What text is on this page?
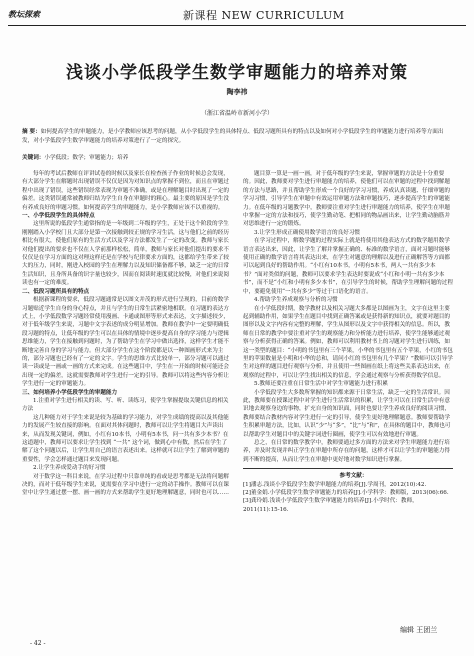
教坛探索	新课程 NEW CURRICULUM
浅谈小学低段学生数学审题能力的培养对策
陶李祎
（浙江省温岭市新河小学）
摘 要：如何提高学生的审题能力，是小学教师应该思考的问题，从小学低段学生的具体特点、低段习题所具有的特点以及如何对小学低段学生的审题能力进行培养等方面出发，对小学低段学生数学审题能力的培养对策进行了一定的探究。
关键词：小学低段；数学；审题能力；培养

每年的考试后教师在评讲试卷的时候以及家长在检查孩子作业的时候总会发现，有大部分学生在解题时出现错误不仅仅是因为对知识点的掌握不到位，而且在审题过程中出现了错误，这些错误经常表现为审题不准确，或是在理解题目时出现了一定的偏差。这类错误通常被教师归结为学生自身在审题时的粗心。最主要的原因是学生没有养成良好的审题习惯。如何提高学生的审题能力，是小学教师应该不以重视的。

一、小学低段学生的具体特点

这里所说的低段学生通常指的是一年级到二年级的学生，正处于这个阶段的学生刚刚踏入小学校门且大部分是第一次接触到较正规的学习生活，这与他们之前的经历相比有很大，使他们原有的生活方式以及学习方法都发生了一定的改变。教师与家长对他们提出的要求也不仅在人学前那样松松，简单，教师与家长对他们提出的要求不仅仅是在学习方面的这对理这样还是在学校与纪律要求方面的，这都给学生带来了较大的压力，同时，刚进入校园的学生在理解力以及知识储备都不够，缺乏一定的日常生活知识，且身所具备的识字量也较少，因而在阅读时速度就比较慢，对他们来说阅读也有一定的难度。

二、低段习题所具有的特点

根据新课程的要求，低段习题通常是以图文并茂的形式进行呈现的，目前的数学习题贴近学生自身的身心特点，并且与学生的日常生活紧密地相联。在习题的表达方式上，小学低段数学习题经常使用漫画、卡通或图形等形式来表达，文字描述较少，对于低年级学生来说，习题中文字表述的成分明显增加。教师在教学中一定要明确低段习题的特点，让低年级的学生可以在具体的情境中逐步提高自身的学习能力与逻辑思维能力，学生在接触到问题时，为了帮助学生在学习中做出选择，这样学生才能不断地完善自身的学习与能力。但大部分学生在这个阶段都是以一种图画形式来为主的，部分习题也已经有了一定的文字。学生的思维方式比较单一，部分习题可以通过读一读或是一画或一画的方式来完成。在这些题目中，学生在一开始的时候可能还会出现一定的偏差，这就需要教师对学生进行一定的引导。教师可以将这些内容分析让学生进行一定的审题能力。

三、如何培养小学低段学生的审题能力

1.注重对学生进行相关的读、写、听、读练习，使学生掌握提取关键信息的相关方法

这几种能力对于学生来说是较为基础的学习能力，对学生成绩的提高以及其他能力的发展产生较直接的影响。在面对其体问题时，教师可以让学生将题目大声读出来，从而发现关键词，例如，小红有10本书，小明有5本书，问一共有多少本书？在这道题中，教师可以要求让学生找到 “一共” 这个词，做到心中有数，然后在学生了解了这个问题以后，让学生用自己的语言表述出来。这样就可以让学生了解到审题的重要性，学会怎样通过题目来发现问题。

2.让学生养成爱动手的好习惯

对于数学这一科目来说，在学习过程中只靠单纯的看或是思考都是无法将问题解决的，而对于低年级学生来说，更需要在学习中进行一定的动手操作。教师可以在课堂中让学生通过摆一摆、画一画的方式来帮助学生更好地理解题意，同时也可以……

题目算一算是一画一画，对于低年级的学生来说，掌握审题的方法是十分重要的。因此，教师要对学生进行审题能力的培养，使他们可以在审题的过程中找到解题的方法与思路，并且帮助学生形成一个良好的学习习惯，养成认真读题、仔细审题的学习习惯，引导学生在审题中有效运用审题方法和审题技巧，逐步提高学生的审题能力。在低年级的习题教学中，教师要注重对学生进行审题能力的培养，使学生在审题中掌握一定的方法和技巧，使学生勤动笔、把相同的物品画出来，让学生勤动脑筋并对思维进行一定的锻炼。

3.让学生形成正确使用数学语言的良好习惯

在学习过程中，解数学题的过程实际上就是将使用其他表达方式的数学题用数学语言表达出来，因此，让学生了解并掌握正确的、标准的数学语言，面对习题时能够使用正确的数学语言将其表达出来，在学生对题意的理解以及进行正确解答等方面都可以起到良好的帮助作用。“小红有10本书，小明有5本书，两人一共有多少本书？”面对类似的问题，教师可以要求学生表达时要说成“小红和小明一共有多少本书”，而不是“小红和小明有多少本书”，在引导学生的时候，帮助学生理解问题的过程中，要避免使用“一共有多少”等过于口语化的语言。

4.帮助学生养成观察与分析的习惯

在小学低段时期，数学教材以及相关习题大多都是以图画为主，文字在这里主要起到辅助作用，如果学生在题目中找到正确答案或是获得新的知识点，就要对题目的图形以及文字内容有完整的理解，学生从图形以及文字中获得相关的信息。所以，教师在日常的教学中要注重对学生的观察能力和分析能力进行培养，使学生能够通过观察与分析获得正确的答案。例如，教师可以利用教材书上的习题对学生进行训练，如这一类型的题目：“小明的书包里有三个苹果，小华的书包里有五个苹果，小红的书包里的苹果数量是小明和小华的总和，请问小红的书包里有几个苹果？”教师可以引导学生对这样的题目进行观察与分析，并且使用一些图画在纸上将这些关系表达出来，在观察的过程中，可以让学生找出相关的信息，学会通过观察与分析获得数学信息。

5.教师还要注重在日常生活中对学生审题能力进行积累

小学低段学生大多数所掌握的知识都来源于日常生活，缺乏一定的生活常识。因此，教师要在授课过程中对学生进行生活常识的积累，让学生可以在日常生活中有意识地去观察身边的事物，扩充自身的知识面，同时也要让学生养成良好的阅读习惯，教师要结合教材内容对学生进行一定的引导，使学生更好地理解题意。教师要帮助学生积累审题方法，比如，认识“少”与“多”，“比”与“和”，在具体的题目中，教师也可以帮助学生对题目中的关键字词进行圈画，使学生可以有效地进行审题。

总之，在日常的数学教学中，教师要通过多方面的方法来对学生审题能力进行培养，并及时发现并纠正学生在审题中所存在的问题，这样才可以让学生的审题能力得到不断的提高，从而让学生在审题中更好地对数学知识进行掌握。

参考文献：

[1]潘志.浅谈小学低段学生数学审题能力的培养[J].学周刊，2012(10):42.

[2]董金娟.小学低段学生数学审题能力的培养[J].小学科学：教师版，2013(06):66.

[3]龚玲娟.浅谈小学低段学生数学审题能力的培养[J].小学时代：教师，2011(11):15-16.

编辑 王团兰
- 42 -
